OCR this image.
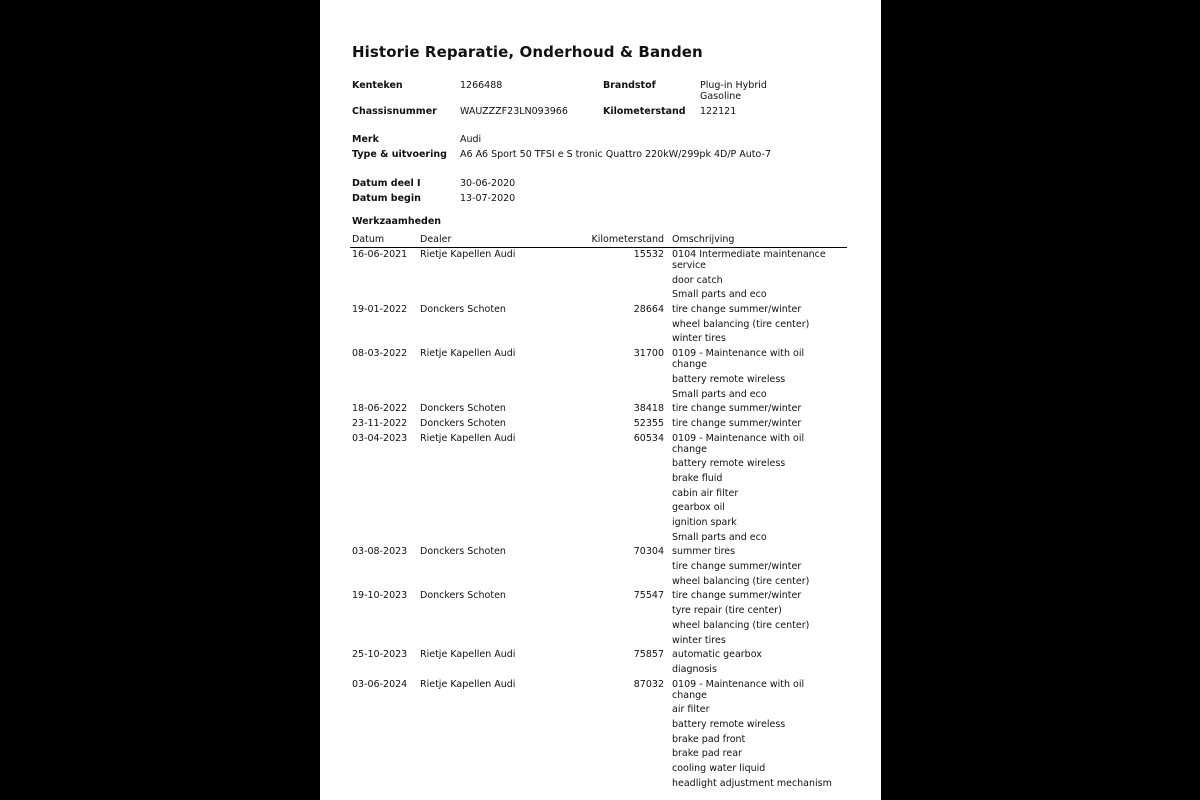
Historie Reparatie, Onderhoud & Banden
Kenteken	1266488	Brandstof	Plug-in Hybrid
Gasoline
Chassisnummer WAUZZZF23LN093966	Kilometerstand 122121
Merk	Audi
Type & uitvoering A6 A6 Sport 50 TFSI e S tronic Quattro 220kW/299pk 4D/P Auto-7
Datum deel I	30-06-2020
Datum begin	13-07-2020
Werkzaamheden
Datum	Dealer	Kilometerstand Omschrijving
16-06-2021 Rietje Kapellen Audi	15532 0104 Intermediate maintenance service
door catch
Small parts and eco
19-01-2022 Donckers Schoten	28664 tire change summer/winter
wheel balancing (tire center)
winter tires
08-03-2022 Rietje Kapellen Audi	31700 0109 - Maintenance with oil change
battery remote wireless
Small parts and eco
18-06-2022 Donckers Schoten	38418 tire change summer/winter
23-11-2022 Donckers Schoten	52355 tire change summer/winter
03-04-2023 Rietje Kapellen Audi	60534 0109 - Maintenance with oil change
battery remote wireless
brake fluid
cabin air filter
gearbox oil
ignition spark
Small parts and eco
03-08-2023 Donckers Schoten	70304 summer tires
tire change summer/winter
wheel balancing (tire center)
19-10-2023 Donckers Schoten	75547 tire change summer/winter
tyre repair (tire center)
wheel balancing (tire center)
winter tires
25-10-2023 Rietje Kapellen Audi	75857 automatic gearbox
diagnosis
03-06-2024 Rietje Kapellen Audi	87032 0109 - Maintenance with oil change
air filter
battery remote wireless
brake pad front
brake pad rear
cooling water liquid
headlight adjustment mechanism
